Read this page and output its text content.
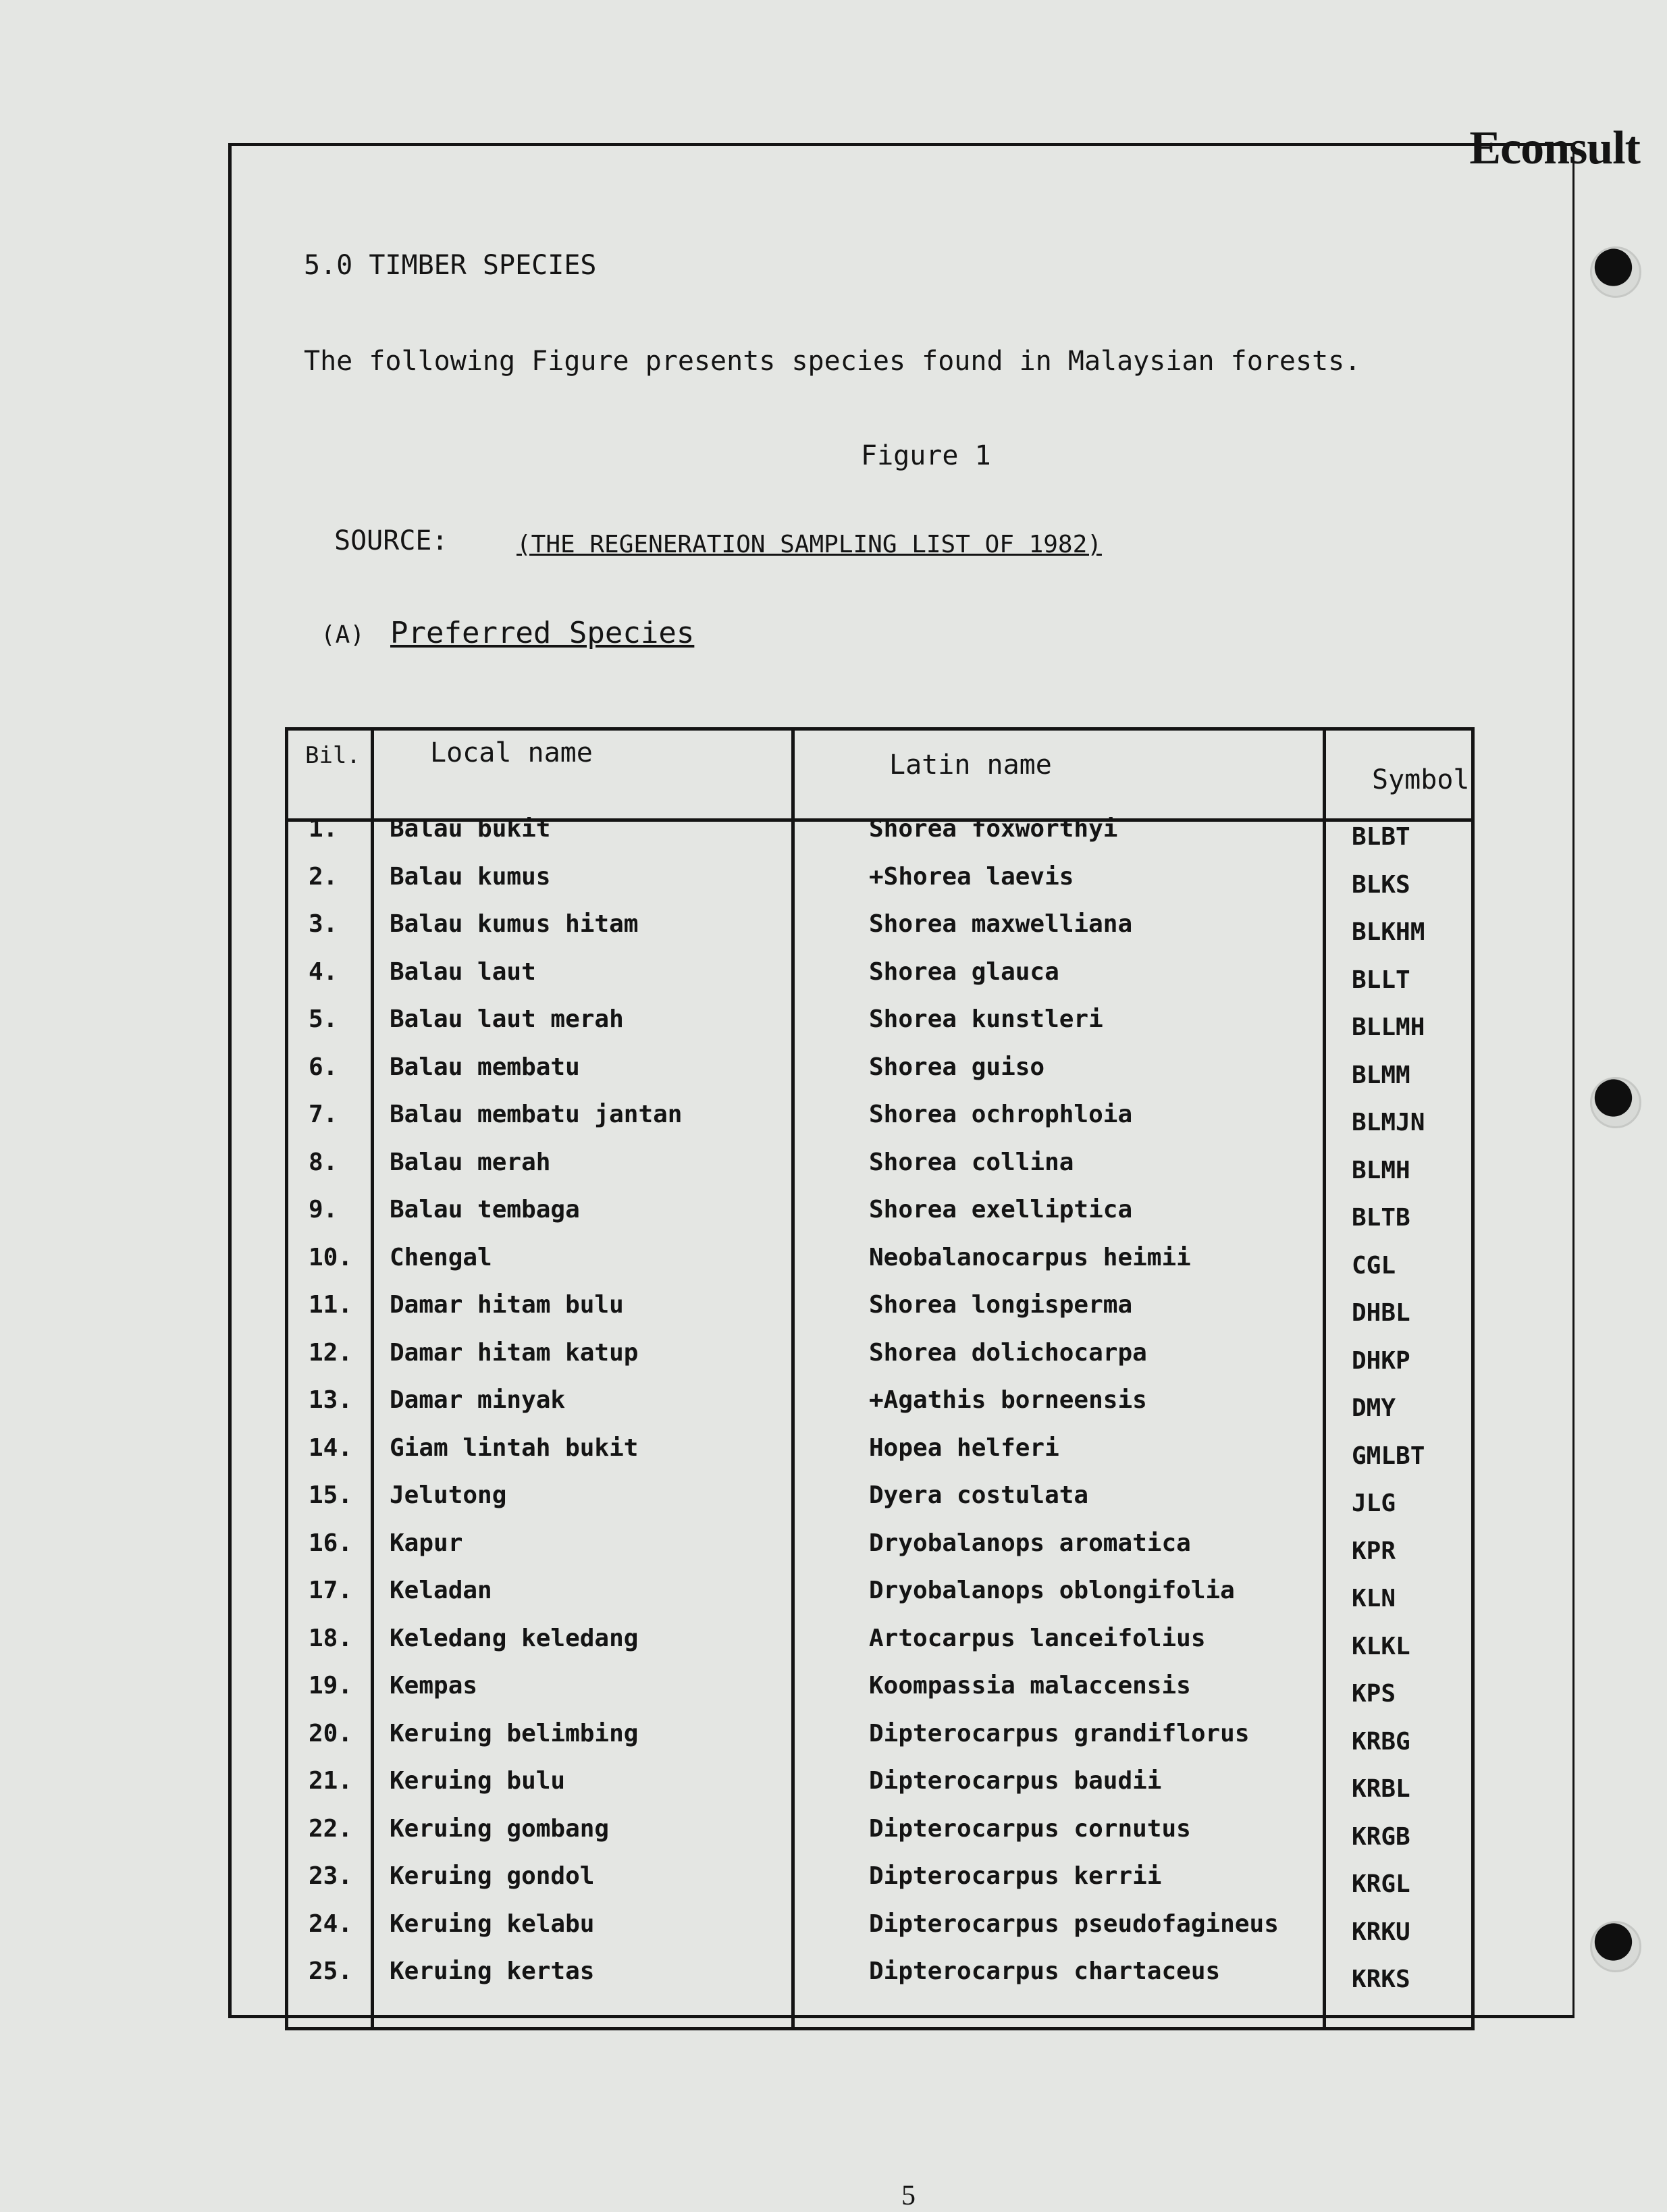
Econsult
5.0 TIMBER SPECIES
The following Figure presents species found in Malaysian forests.
Figure 1
SOURCE:	(THE REGENERATION SAMPLING LIST OF 1982)
(A) Preferred Species
Bil.	Local name	Latin name	Symbol
1. Balau bukit	Shorea foxworthyi	BLBT
2. Balau kumus	+Shorea laevis	BLKS
3. Balau kumus hitam	Shorea maxwelliana	BLKHM
4. Balau laut	Shorea glauca	BLLT
5. Balau laut merah	Shorea kunstleri	BLLMH
6. Balau membatu	Shorea guiso	BLMM
7. Balau membatu jantan	Shorea ochrophloia	BLMJN
8. Balau merah	Shorea collina	BLMH
9. Balau tembaga	Shorea exelliptica	BLTB
10. Chengal	Neobalanocarpus heimii	CGL
11. Damar hitam bulu	Shorea longisperma	DHBL
12. Damar hitam katup	Shorea dolichocarpa	DHKP
13. Damar minyak	+Agathis borneensis	DMY
14. Giam lintah bukit	Hopea helferi	GMLBT
15. Jelutong	Dyera costulata	JLG
16. Kapur	Dryobalanops aromatica	KPR
17. Keladan	Dryobalanops oblongifolia	KLN
18. Keledang keledang	Artocarpus lanceifolius	KLKL
19. Kempas	Koompassia malaccensis	KPS
20. Keruing belimbing	Dipterocarpus grandiflorus	KRBG
21. Keruing bulu	Dipterocarpus baudii	KRBL
22. Keruing gombang	Dipterocarpus cornutus	KRGB
23. Keruing gondol	Dipterocarpus kerrii	KRGL
24. Keruing kelabu	Dipterocarpus pseudofagineus	KRKU
25. Keruing kertas	Dipterocarpus chartaceus	KRKS
5
